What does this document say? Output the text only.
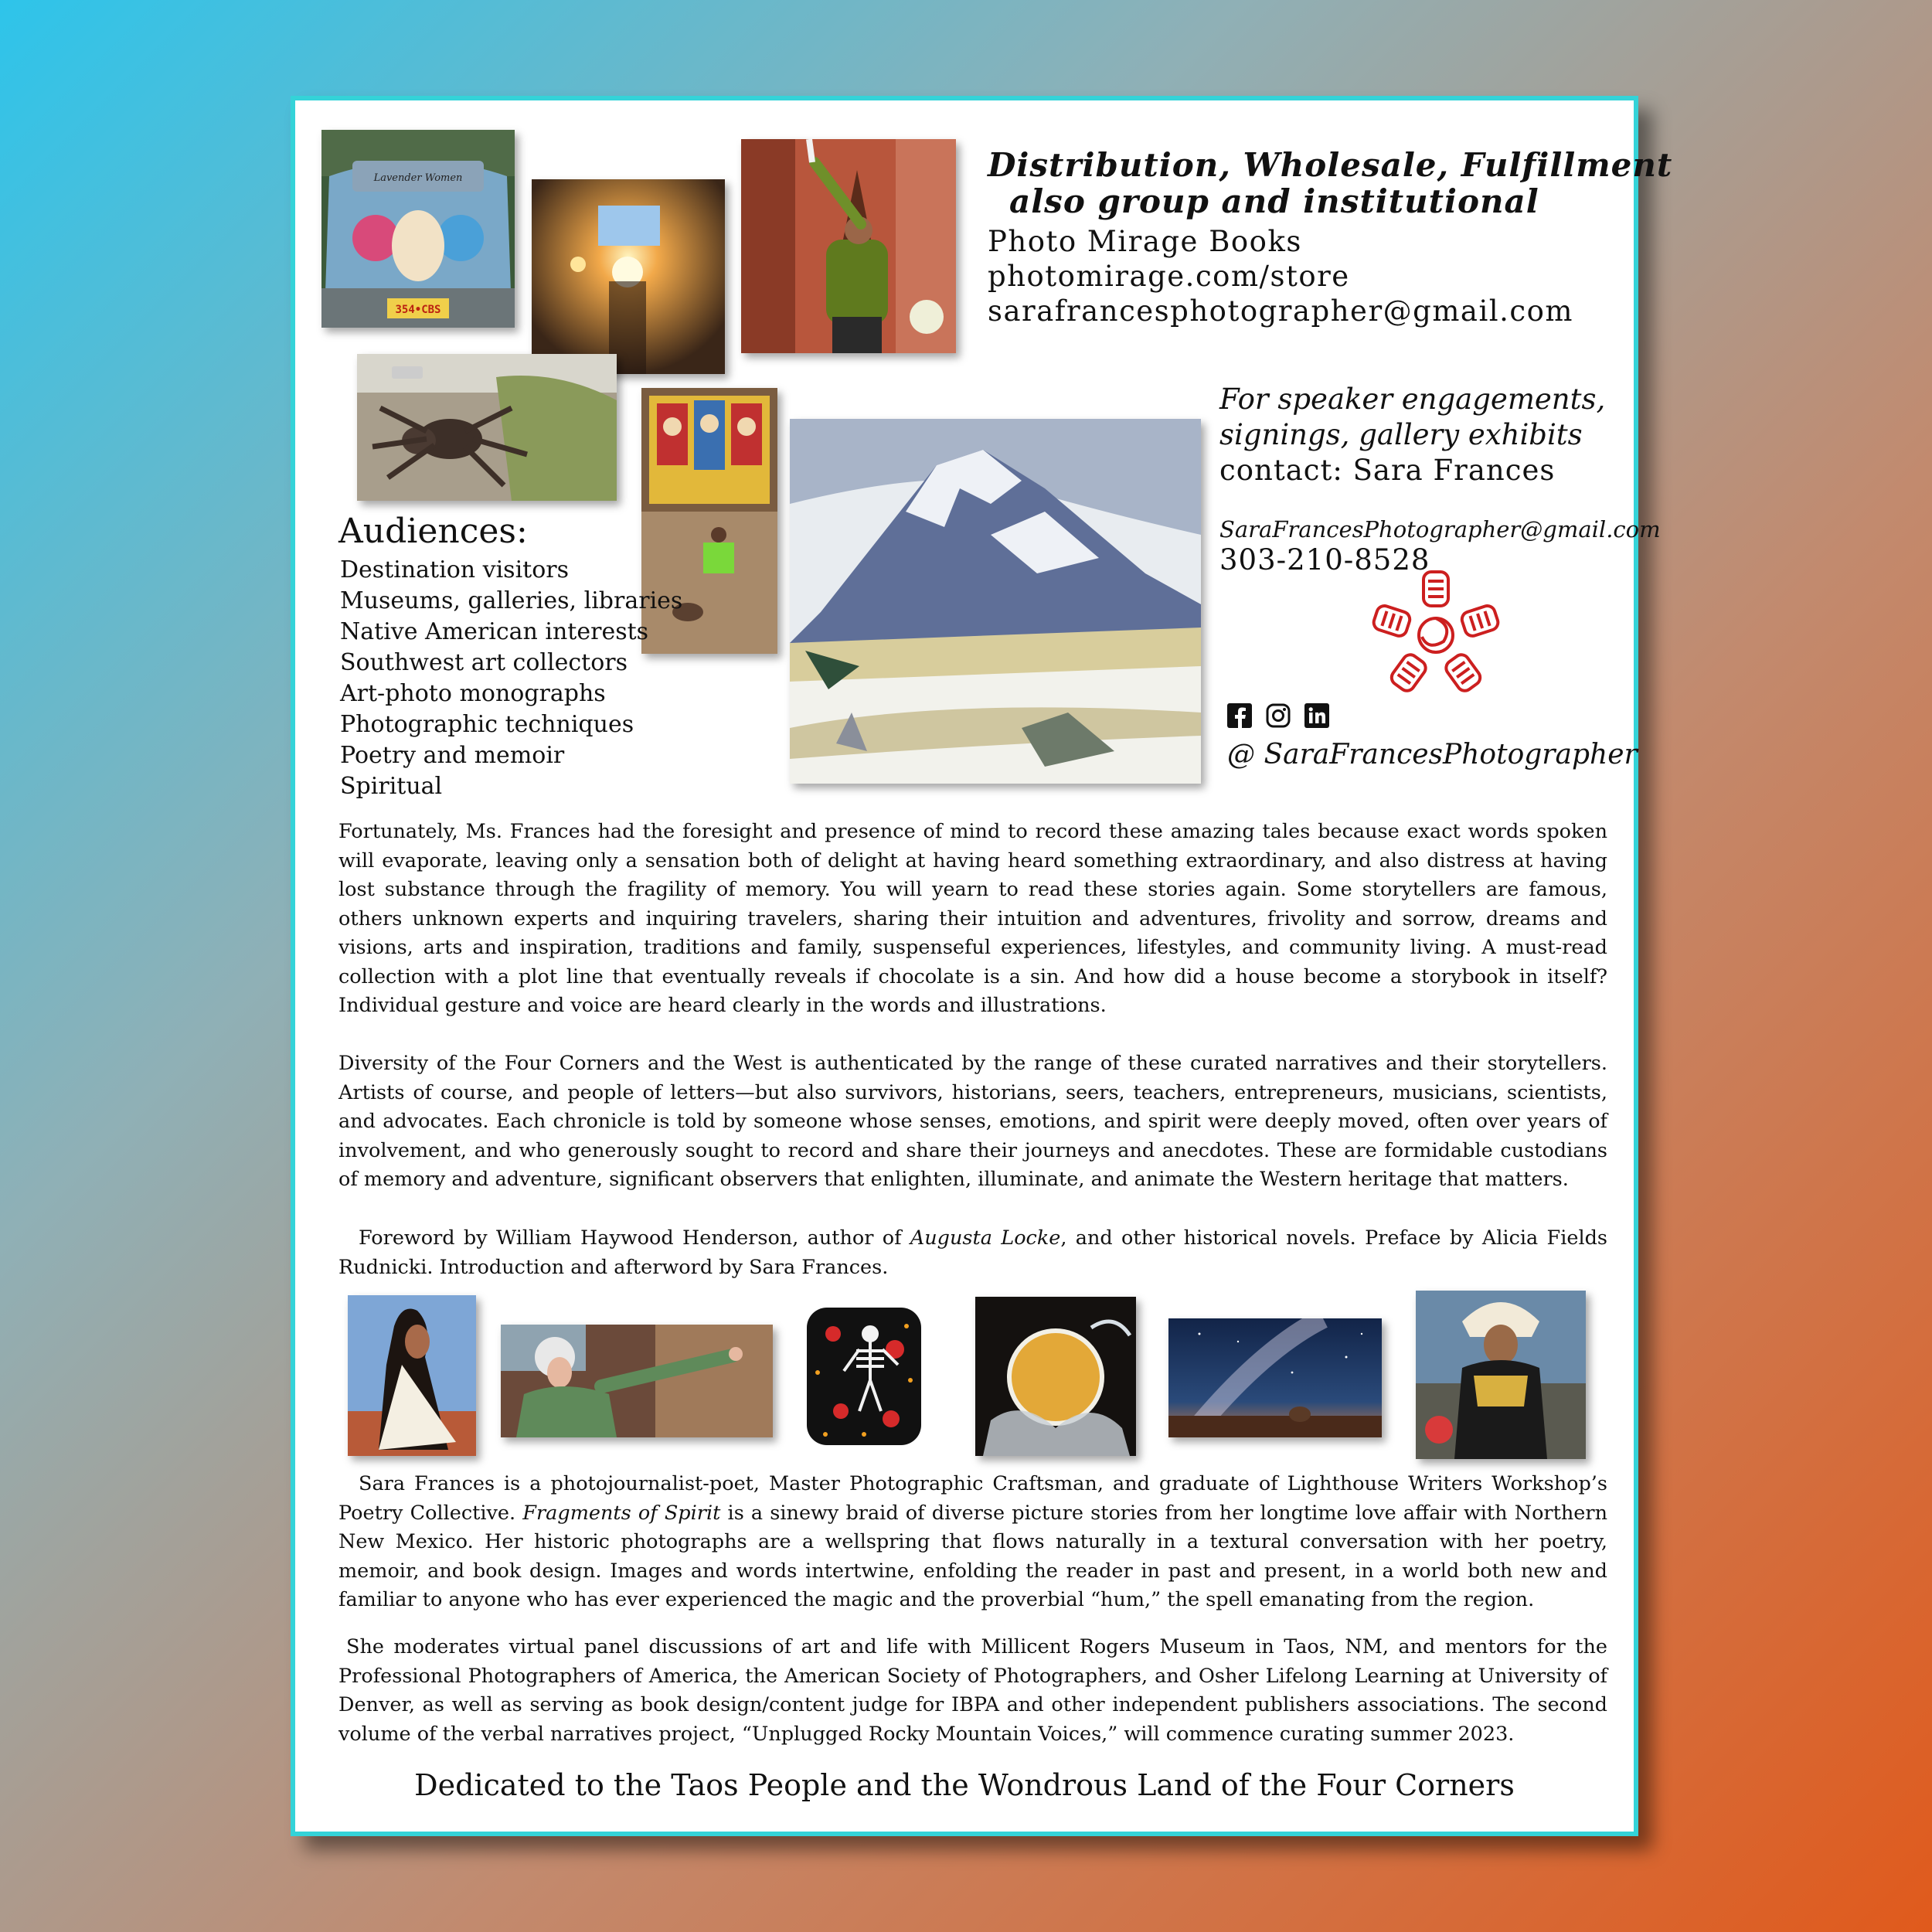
Lavender Women
354•CBS
Distribution, Wholesale, Fulfillment
also group and institutional
Photo Mirage Books
photomirage.com/store
sarafrancesphotographer@gmail.com
For speaker engagements,
signings, gallery exhibits
contact: Sara Frances
SaraFrancesPhotographer@gmail.com
303-210-8528
@ SaraFrancesPhotographer
Audiences:
Destination visitors
Museums, galleries, libraries
Native American interests
Southwest art collectors
Art-photo monographs
Photographic techniques
Poetry and memoir
Spiritual

Fortunately, Ms. Frances had the foresight and presence of mind to record these amazing tales because exact words spoken will evaporate, leaving only a sensation both of delight at having heard something extraordinary, and also distress at having lost substance through the fragility of memory. You will yearn to read these stories again. Some storytellers are famous, others unknown experts and inquiring travelers, sharing their intuition and adventures, frivolity and sorrow, dreams and visions, arts and inspiration, traditions and family, suspenseful experiences, lifestyles, and community living. A must-read collection with a plot line that eventually reveals if chocolate is a sin. And how did a house become a storybook in itself? Individual gesture and voice are heard clearly in the words and illustrations.

Diversity of the Four Corners and the West is authenticated by the range of these curated narratives and their storytellers. Artists of course, and people of letters—but also survivors, historians, seers, teachers, entrepreneurs, musicians, scientists, and advocates. Each chronicle is told by someone whose senses, emotions, and spirit were deeply moved, often over years of involvement, and who generously sought to record and share their journeys and anecdotes. These are formidable custodians of memory and adventure, significant observers that enlighten, illuminate, and animate the Western heritage that matters.

Foreword by William Haywood Henderson, author of Augusta Locke, and other historical novels. Preface by Alicia Fields Rudnicki. Introduction and afterword by Sara Frances.

Sara Frances is a photojournalist-poet, Master Photographic Craftsman, and graduate of Lighthouse Writers Workshop’s Poetry Collective. Fragments of Spirit is a sinewy braid of diverse picture stories from her longtime love affair with Northern New Mexico. Her historic photographs are a wellspring that flows naturally in a textural conversation with her poetry, memoir, and book design. Images and words intertwine, enfolding the reader in past and present, in a world both new and familiar to anyone who has ever experienced the magic and the proverbial “hum,” the spell emanating from the region.

She moderates virtual panel discussions of art and life with Millicent Rogers Museum in Taos, NM, and mentors for the Professional Photographers of America, the American Society of Photographers, and Osher Lifelong Learning at University of Denver, as well as serving as book design/content judge for IBPA and other independent publishers associations. The second volume of the verbal narratives project, “Unplugged Rocky Mountain Voices,” will commence curating summer 2023.

Dedicated to the Taos People and the Wondrous Land of the Four Corners
